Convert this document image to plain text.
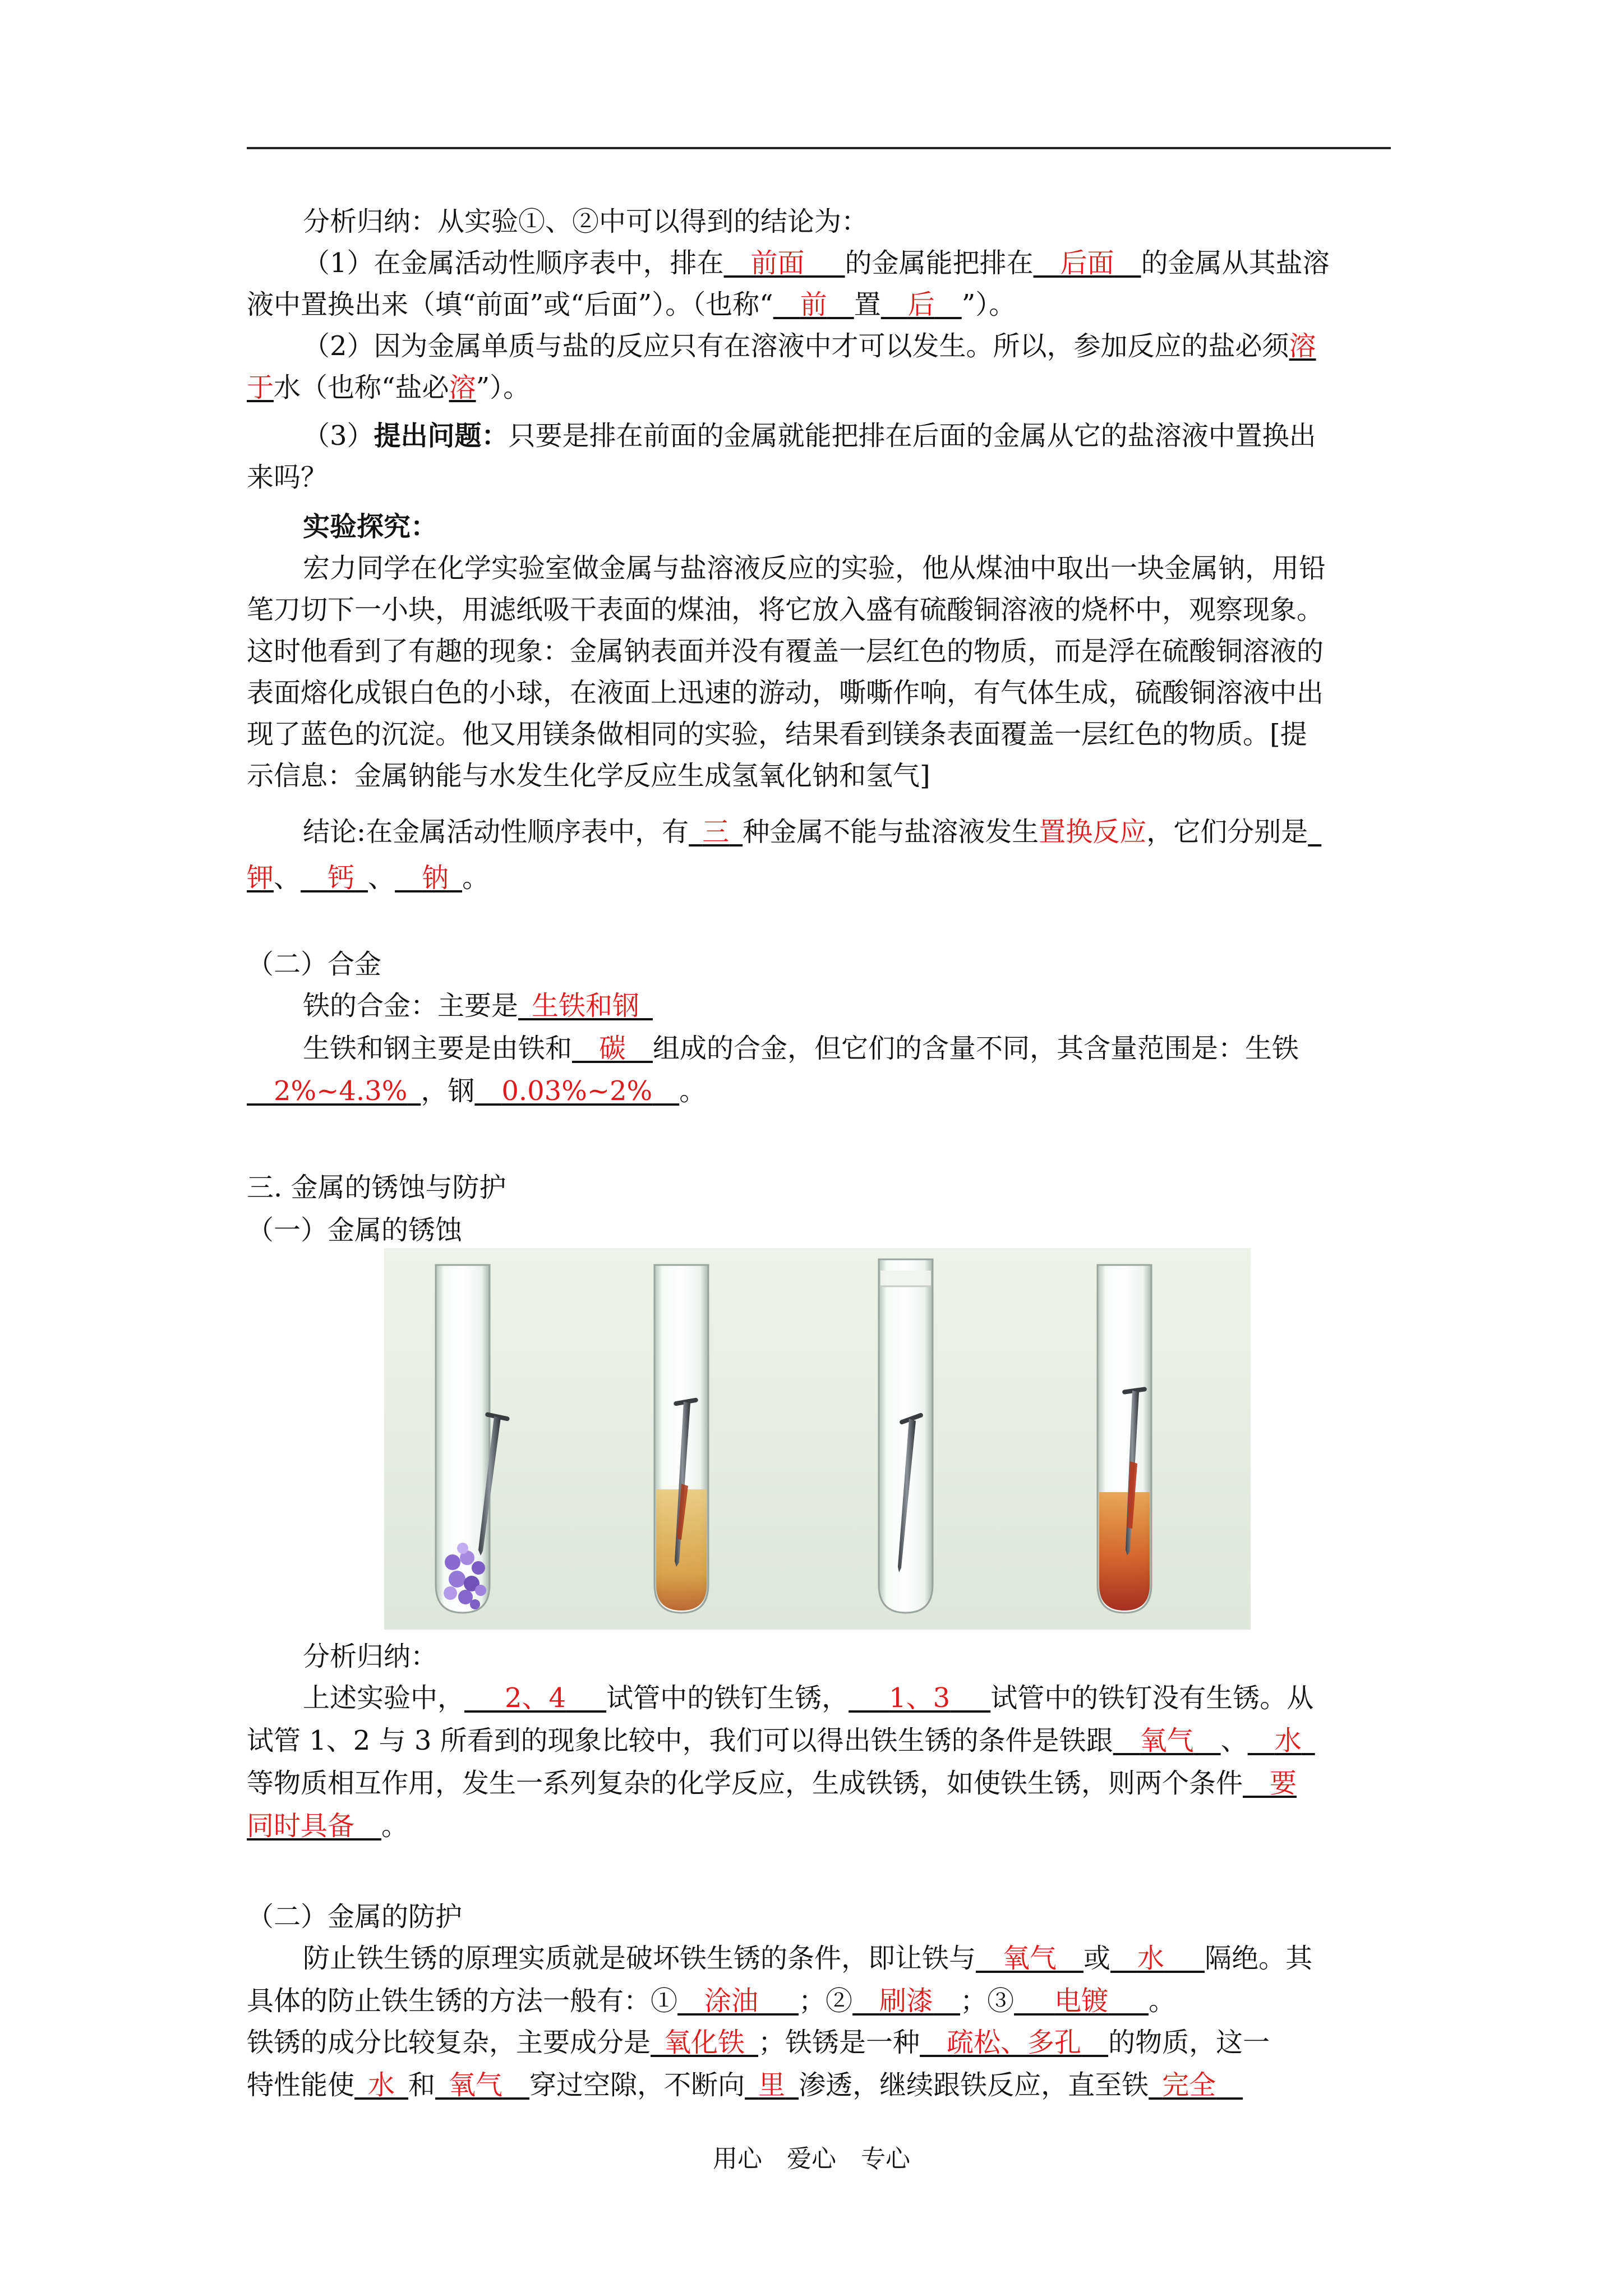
分析归纳：从实验①、②中可以得到的结论为：
（1）在金属活动性顺序表中，排在   前面    的金属能把排在   后面   的金属从其盐溶
液中置换出来（填“前面”或“后面”）。（也称“   前   置   后   ”）。
（2）因为金属单质与盐的反应只有在溶液中才可以发生。所以，参加反应的盐必须溶
于水（也称“盐必溶”）。
（3）提出问题：只要是排在前面的金属就能把排在后面的金属从它的盐溶液中置换出
来吗？
实验探究：
宏力同学在化学实验室做金属与盐溶液反应的实验，他从煤油中取出一块金属钠，用铅
笔刀切下一小块，用滤纸吸干表面的煤油，将它放入盛有硫酸铜溶液的烧杯中，观察现象。
这时他看到了有趣的现象：金属钠表面并没有覆盖一层红色的物质，而是浮在硫酸铜溶液的
表面熔化成银白色的小球，在液面上迅速的游动，嘶嘶作响，有气体生成，硫酸铜溶液中出
现了蓝色的沉淀。他又用镁条做相同的实验，结果看到镁条表面覆盖一层红色的物质。[提
示信息：金属钠能与水发生化学反应生成氢氧化钠和氢气]
结论:在金属活动性顺序表中，有  三  种金属不能与盐溶液发生置换反应，它们分别是 
钾、   钙  、   钠  。
（二）合金
铁的合金：主要是  生铁和钢 
生铁和钢主要是由铁和   碳   组成的合金，但它们的含量不同，其含量范围是：生铁
  2%~4.3%  ，钢   0.03%~2%   。
三. 金属的锈蚀与防护
（一）金属的锈蚀
分析归纳：
上述实验中，    2、4    试管中的铁钉生锈，    1、3    试管中的铁钉没有生锈。从
试管 1、2 与 3 所看到的现象比较中，我们可以得出铁生锈的条件是铁跟   氧气   、   水 
等物质相互作用，发生一系列复杂的化学反应，生成铁锈，如使铁生锈，则两个条件   要
同时具备   。
（二）金属的防护
防止铁生锈的原理实质就是破坏铁生锈的条件，即让铁与   氧气   或   水    隔绝。其
具体的防止铁生锈的方法一般有：①   涂油    ；②   刷漆   ；③    电镀    。
铁锈的成分比较复杂，主要成分是  氧化铁  ；铁锈是一种   疏松、多孔   的物质，这一
特性能使  水  和  氧气   穿过空隙，不断向  里  渗透，继续跟铁反应，直至铁  完全  
用心　爱心　专心
